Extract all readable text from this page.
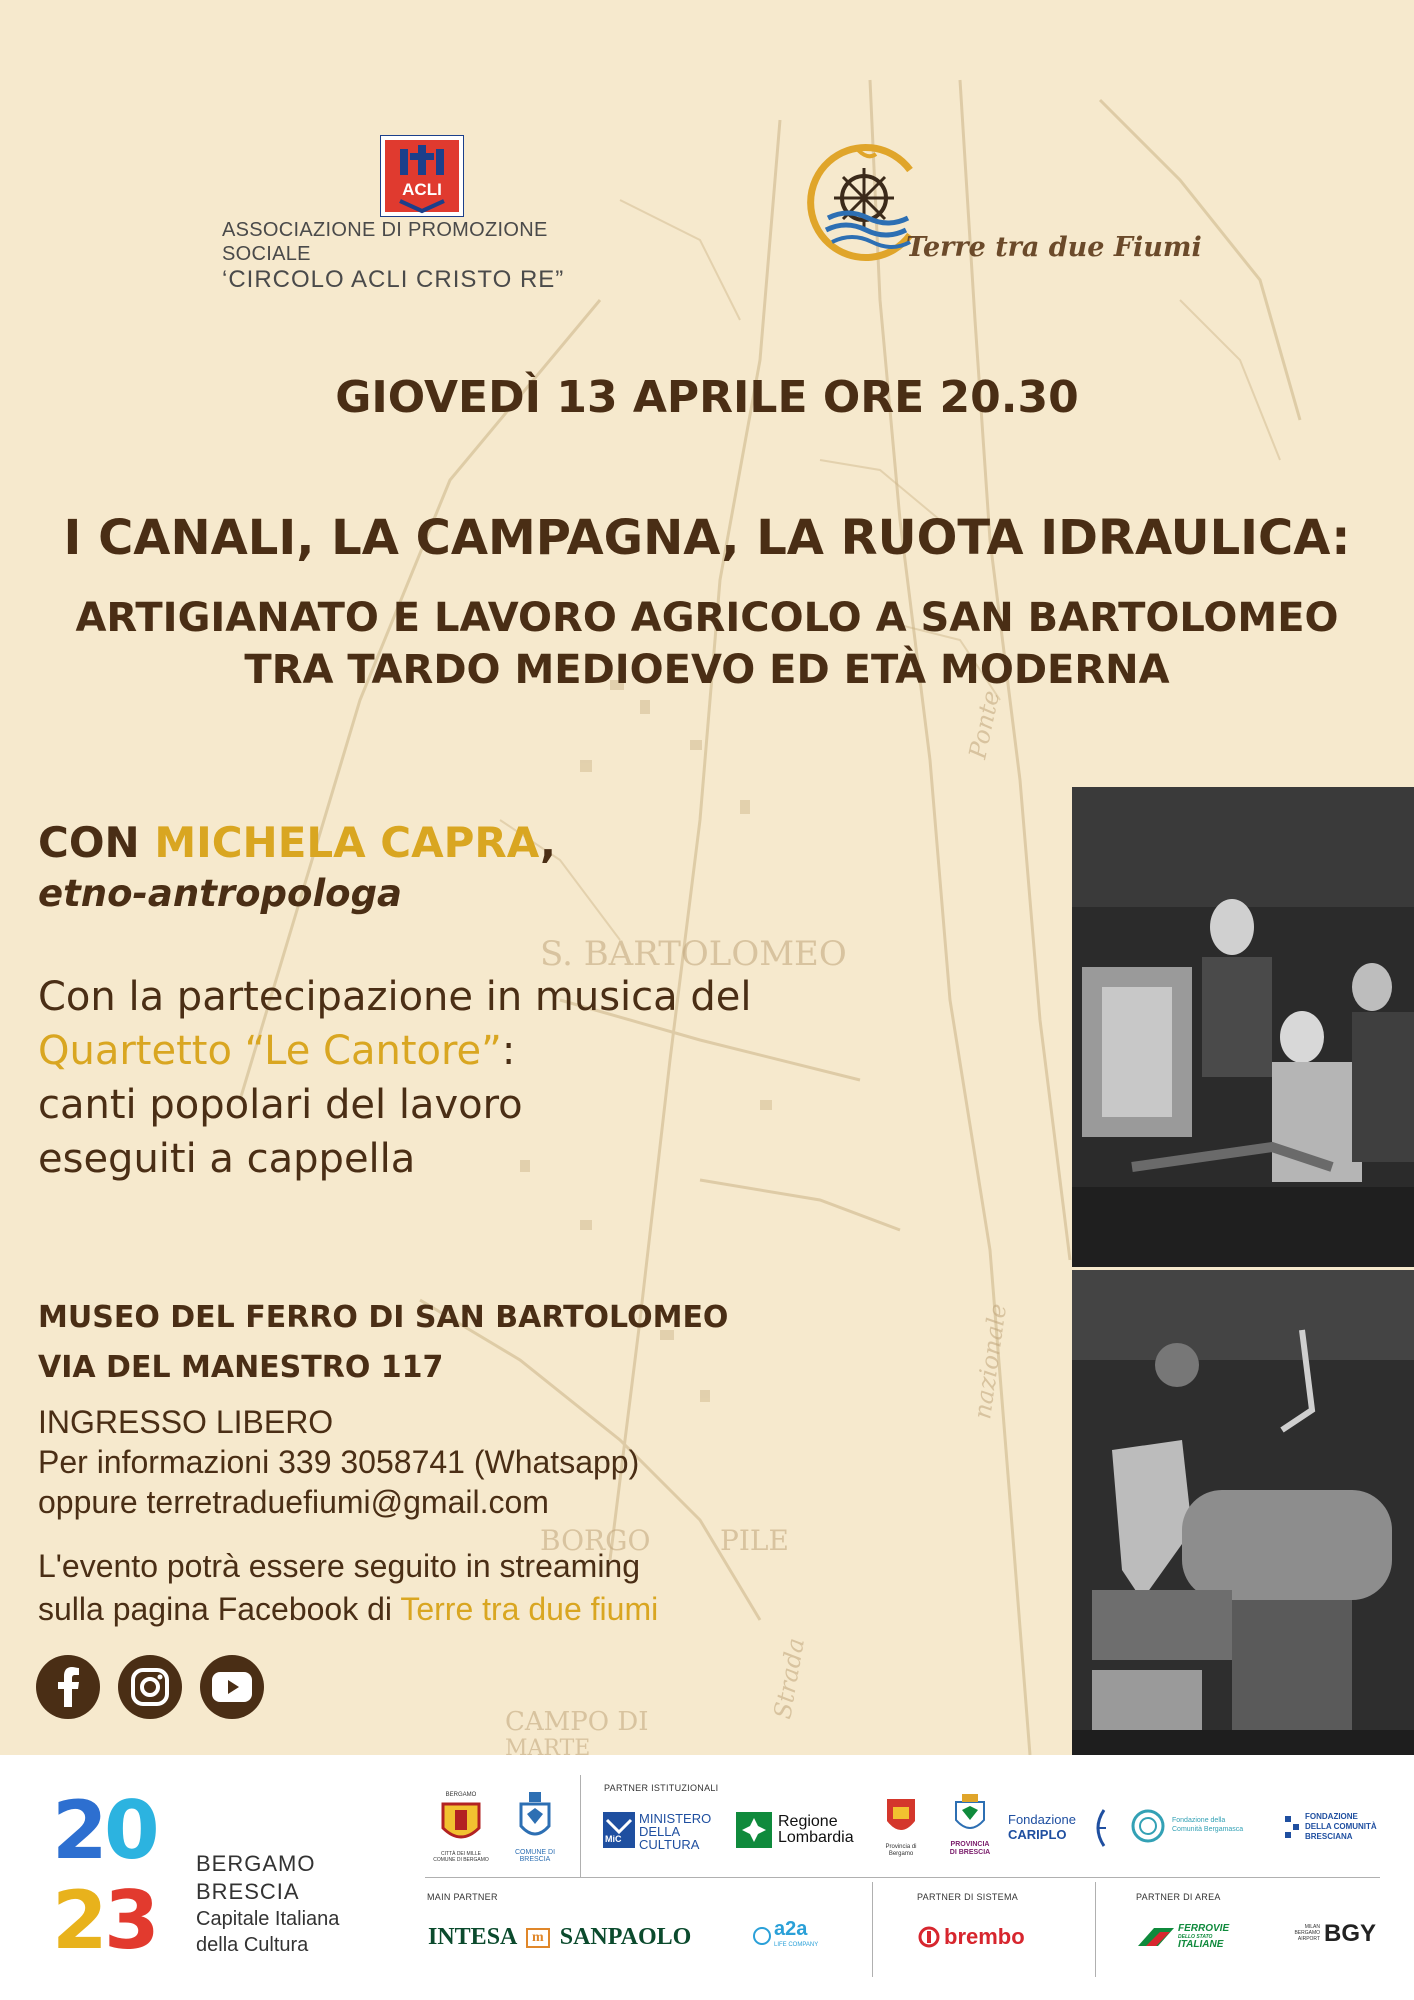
S. BARTOLOMEO
BORGO PILE
CAMPO DI
MARTE
nazionale
Strada
Ponte
ACLI
ASSOCIAZIONE DI PROMOZIONE SOCIALE
‘CIRCOLO ACLI CRISTO RE”
Terre tra due Fiumi
GIOVEDÌ 13 APRILE ORE 20.30
I CANALI, LA CAMPAGNA, LA RUOTA IDRAULICA:
ARTIGIANATO E LAVORO AGRICOLO A SAN BARTOLOMEO
TRA TARDO MEDIOEVO ED ETÀ MODERNA
CON MICHELA CAPRA,
etno-antropologa
Con la partecipazione in musica del
Quartetto “Le Cantore”:
canti popolari del lavoro
eseguiti a cappella
MUSEO DEL FERRO DI SAN BARTOLOMEO
VIA DEL MANESTRO 117
INGRESSO LIBERO
Per informazioni 339 3058741 (Whatsapp)
oppure terretraduefiumi@gmail.com
L'evento potrà essere seguito in streaming
sulla pagina Facebook di Terre tra due fiumi
2
0
2
3
BERGAMO
BRESCIA
Capitale Italiana
della Cultura
PARTNER ISTITUZIONALI
MAIN PARTNER	PARTNER DI SISTEMA	PARTNER DI AREA
BERGAMO
CITTÀ DEI MILLE
COMUNE DI BERGAMO
COMUNE DI BRESCIA
MiC
MINISTERO
DELLA
CULTURA
Regione
Lombardia
Provincia di
Bergamo
PROVINCIA
DI BRESCIA
Fondazione
CARIPLO
Fondazione della
Comunità Bergamasca
FONDAZIONE
DELLA COMUNITÀ
BRESCIANA
INTESA m SANPAOLO	a2a
LIFE COMPANY	brembo	FERROVIE
DELLO STATO
ITALIANE
MILAN
BERGAMO
AIRPORT BGY
